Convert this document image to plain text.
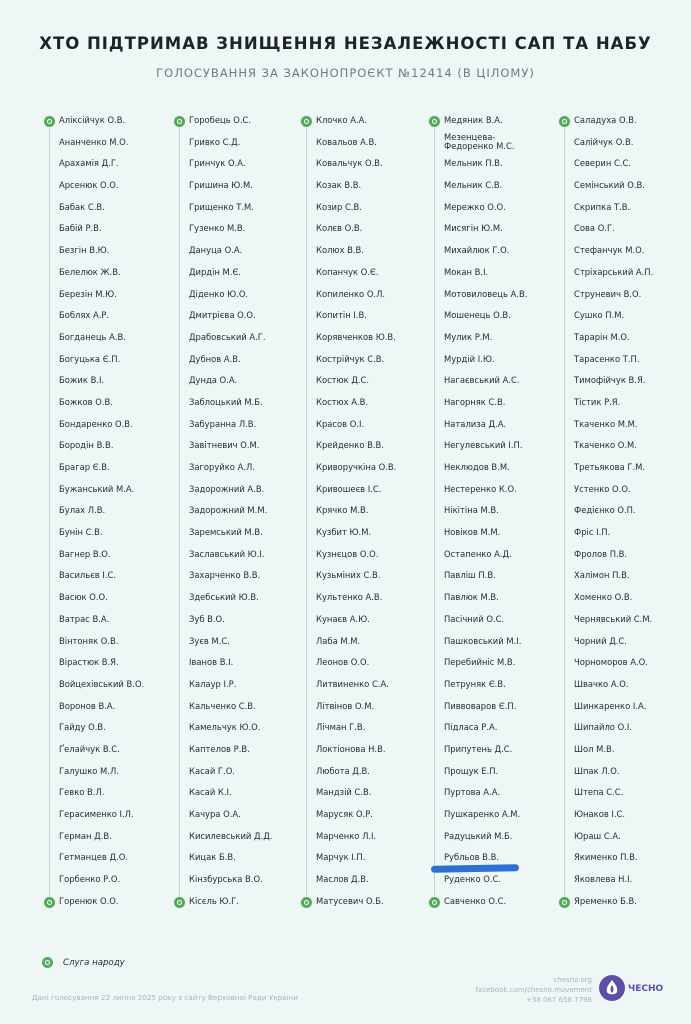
ХТО ПІДТРИМАВ ЗНИЩЕННЯ НЕЗАЛЕЖНОСТІ САП ТА НАБУ
ГОЛОСУВАННЯ ЗА ЗАКОНОПРОЄКТ №12414 (В ЦІЛОМУ)
Аліксійчук О.В.
Ананченко М.О.
Арахамія Д.Г.
Арсенюк О.О.
Бабак С.В.
Бабій Р.В.
Безгін В.Ю.
Белелюк Ж.В.
Березін М.Ю.
Боблях А.Р.
Богданець А.В.
Богуцька Є.П.
Божик В.І.
Божков О.В.
Бондаренко О.В.
Бородін В.В.
Брагар Є.В.
Бужанський М.А.
Булах Л.В.
Бунін С.В.
Вагнер В.О.
Васильєв І.С.
Васюк О.О.
Ватрас В.А.
Вінтоняк О.В.
Вірастюк В.Я.
Войцехівський В.О.
Воронов В.А.
Гайду О.В.
Ґелайчук В.С.
Галушко М.Л.
Гевко В.Л.
Герасименко І.Л.
Герман Д.В.
Гетманцев Д.О.
Горбенко Р.О.
Горенюк О.О.
Горобець О.С.
Гривко С.Д.
Гринчук О.А.
Гришина Ю.М.
Грищенко Т.М.
Гузенко М.В.
Дануца О.А.
Дирдін М.Є.
Діденко Ю.О.
Дмитрієва О.О.
Драбовський А.Г.
Дубнов А.В.
Дунда О.А.
Заблоцький М.Б.
Забуранна Л.В.
Завітневич О.М.
Загоруйко А.Л.
Задорожний А.В.
Задорожний М.М.
Заремський М.В.
Заславський Ю.І.
Захарченко В.В.
Здебський Ю.В.
Зуб В.О.
Зуєв М.С.
Іванов В.І.
Калаур І.Р.
Кальченко С.В.
Камельчук Ю.О.
Каптелов Р.В.
Касай Г.О.
Касай К.І.
Качура О.А.
Кисилевський Д.Д.
Кицак Б.В.
Кінзбурська В.О.
Кісєль Ю.Г.
Клочко А.А.
Ковальов А.В.
Ковальчук О.В.
Козак В.В.
Козир С.В.
Колєв О.В.
Колюх В.В.
Копанчук О.Є.
Копиленко О.Л.
Копитін І.В.
Корявченков Ю.В.
Кострійчук С.В.
Костюк Д.С.
Костюх А.В.
Красов О.І.
Крейденко В.В.
Криворучкіна О.В.
Кривошеєв І.С.
Крячко М.В.
Кузбит Ю.М.
Кузнєцов О.О.
Кузьміних С.В.
Культенко А.В.
Кунаєв А.Ю.
Лаба М.М.
Леонов О.О.
Литвиненко С.А.
Літвінов О.М.
Лічман Г.В.
Локтіонова Н.В.
Любота Д.В.
Мандзій С.В.
Марусяк О.Р.
Марченко Л.І.
Марчук І.П.
Маслов Д.В.
Матусевич О.Б.
Медяник В.А.
Мезенцева-
Федоренко М.С.
Мельник П.В.
Мельник С.В.
Мережко О.О.
Мисягін Ю.М.
Михайлюк Г.О.
Мокан В.І.
Мотовиловець А.В.
Мошенець О.В.
Мулик Р.М.
Мурдій І.Ю.
Нагаєвський А.С.
Нагорняк С.В.
Натализа Д.А.
Негулевський І.П.
Неклюдов В.М.
Нестеренко К.О.
Нікітіна М.В.
Новіков М.М.
Остапенко А.Д.
Павліш П.В.
Павлюк М.В.
Пасічний О.С.
Пашковський М.І.
Перебийніс М.В.
Петруняк Є.В.
Пиввоваров Є.П.
Підласа Р.А.
Припутень Д.С.
Прощук Е.П.
Пуртова А.А.
Пушкаренко А.М.
Радуцький М.Б.
Рубльов В.В.
Руденко О.С.
Савченко О.С.
Саладуха О.В.
Салійчук О.В.
Северин С.С.
Семінський О.В.
Скрипка Т.В.
Сова О.Г.
Стефанчук М.О.
Стріхарський А.П.
Струневич В.О.
Сушко П.М.
Тарарін М.О.
Тарасенко Т.П.
Тимофійчук В.Я.
Тістик Р.Я.
Ткаченко М.М.
Ткаченко О.М.
Третьякова Г.М.
Устенко О.О.
Федієнко О.П.
Фріс І.П.
Фролов П.В.
Халімон П.В.
Хоменко О.В.
Чернявський С.М.
Чорний Д.С.
Чорноморов А.О.
Швачко А.О.
Шинкаренко І.А.
Шипайло О.І.
Шол М.В.
Шпак Л.О.
Штепа С.С.
Юнаков І.С.
Юраш С.А.
Якименко П.В.
Яковлева Н.І.
Яременко Б.В.
Слуга народу
Дані голосування 22 липня 2025 року з сайту Верховної Ради України
chesno.org
facebook.com/chesno.movement
+38 067 658 7798
ЧЕСНО
